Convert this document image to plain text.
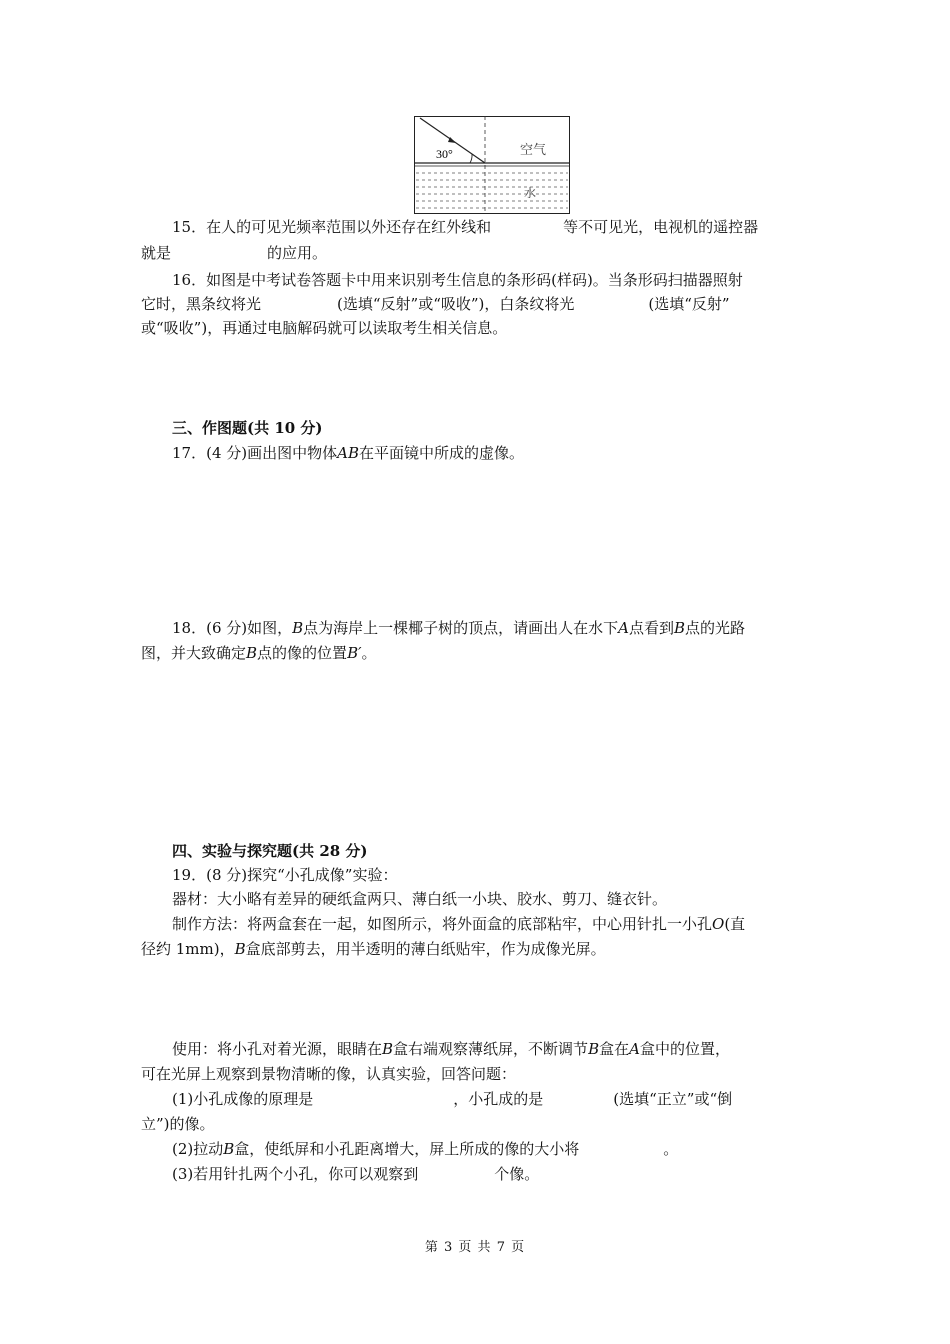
30°	空气
水
15．在人的可见光频率范围以外还存在红外线和	等不可见光，电视机的遥控器
就是	的应用。
16．如图是中考试卷答题卡中用来识别考生信息的条形码(样码)。当条形码扫描器照射
它时，黑条纹将光	(选填“反射”或“吸收”)，白条纹将光	(选填“反射”
或“吸收”)，再通过电脑解码就可以读取考生相关信息。
三、作图题(共 10 分)
17．(4 分)画出图中物体AB在平面镜中所成的虚像。
18．(6 分)如图，B点为海岸上一棵椰子树的顶点，请画出人在水下A点看到B点的光路
图，并大致确定B点的像的位置B′。
四、实验与探究题(共 28 分)
19．(8 分)探究“小孔成像”实验：
器材：大小略有差异的硬纸盒两只、薄白纸一小块、胶水、剪刀、缝衣针。
制作方法：将两盒套在一起，如图所示，将外面盒的底部粘牢，中心用针扎一小孔O(直
径约 1mm)，B盒底部剪去，用半透明的薄白纸贴牢，作为成像光屏。
使用：将小孔对着光源，眼睛在B盒右端观察薄纸屏，不断调节B盒在A盒中的位置，
可在光屏上观察到景物清晰的像，认真实验，回答问题：
(1)小孔成像的原理是	，小孔成的是	(选填“正立”或“倒
立”)的像。
(2)拉动B盒，使纸屏和小孔距离增大，屏上所成的像的大小将	。
(3)若用针扎两个小孔，你可以观察到	个像。
第 3 页 共 7 页
